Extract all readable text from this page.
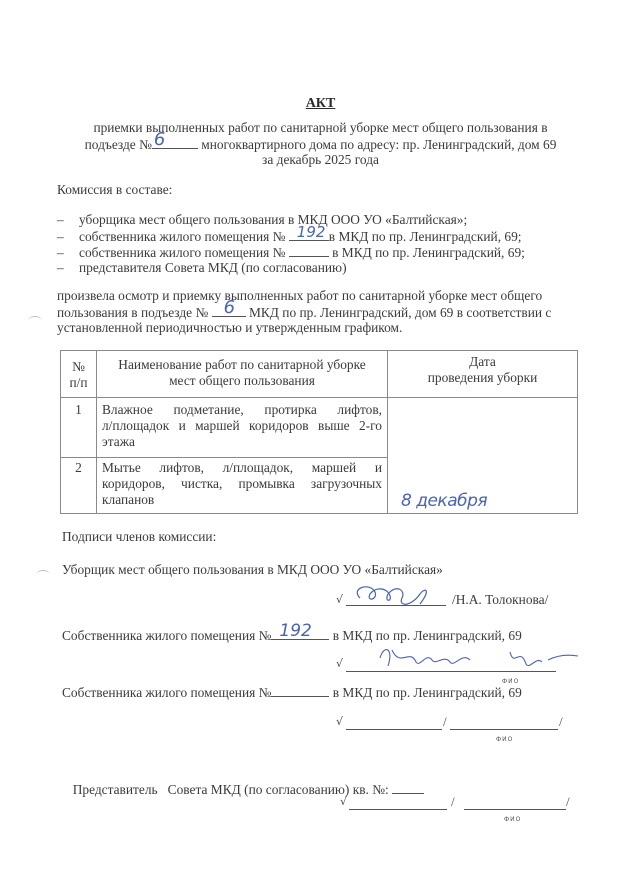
АКТ
приемки выполненных работ по санитарной уборке мест общего пользования в
подъезде № 6	многоквартирного дома по адресу: пр. Ленинградский, дом 69
за декабрь 2025 года
Комиссия в составе:
– уборщика мест общего пользования в МКД ООО УО «Балтийская»;
– собственника жилого помещения № 192 в МКД по пр. Ленинградский, 69;
– собственника жилого помещения №	в МКД по пр. Ленинградский, 69;
– представителя Совета МКД (по согласованию)
произвела осмотр и приемку выполненных работ по санитарной уборке мест общего
пользования в подъезде № 6 МКД по пр. Ленинградский, дом 69 в соответствии с
установленной периодичностью и утвержденным графиком.
№
п/п

Наименование работ по санитарной уборке
мест общего пользования

Дата
проведения уборки

1	Влажное подметание, протирка лифтов,
л/площадок и маршей коридоров выше 2-го
этажа	8 декабря

2	Мытье лифтов, л/площадок, маршей и
коридоров, чистка, промывка загрузочных
клапанов	
Подписи членов комиссии:
Уборщик мест общего пользования в МКД ООО УО «Балтийская»
√	/Н.А. Толокнова/
Собственника жилого помещения № 192 в МКД по пр. Ленинградский, 69
√
ФИО
Собственника жилого помещения №	в МКД по пр. Ленинградский, 69
√	/	/
ФИО

Представитель   Совета МКД (по согласованию) кв. №:

√	/	/
ФИО
